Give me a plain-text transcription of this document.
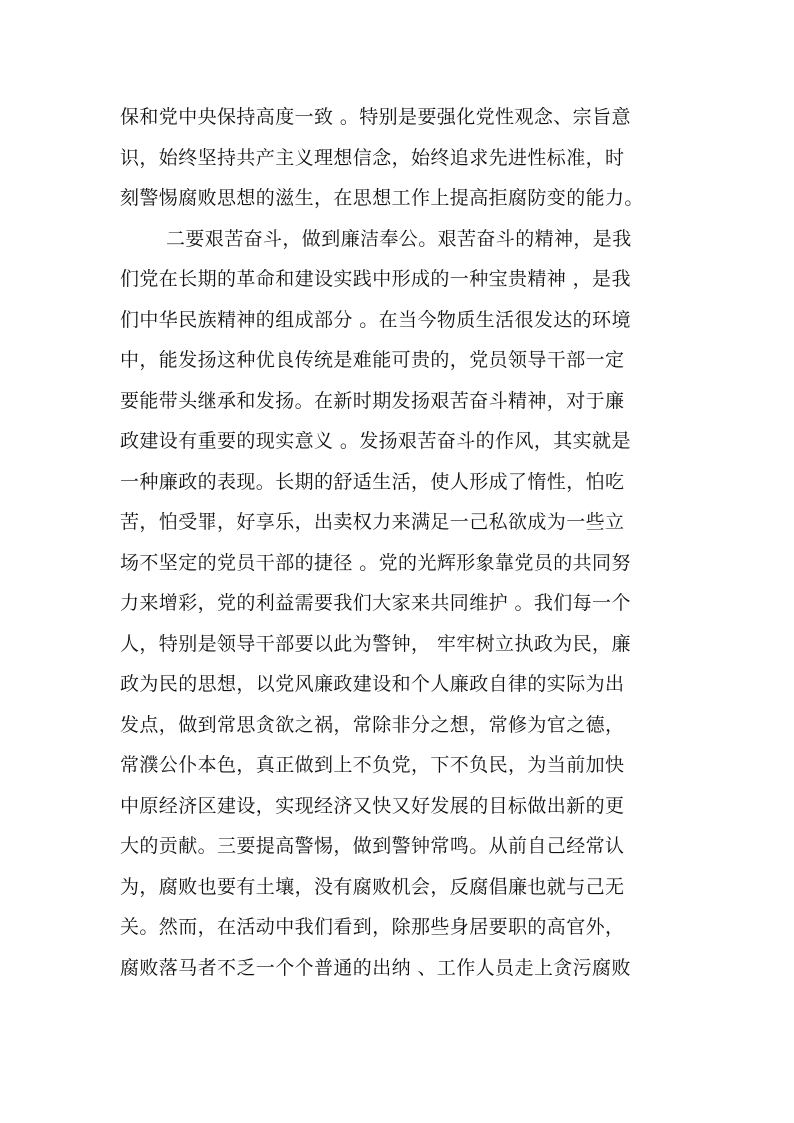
保和党中央保持高度一致 。特别是要强化党性观念、宗旨意
识，始终坚持共产主义理想信念，始终追求先进性标准，时
刻警惕腐败思想的滋生，在思想工作上提高拒腐防变的能力。
二要艰苦奋斗，做到廉洁奉公。艰苦奋斗的精神，是我
们党在长期的革命和建设实践中形成的一种宝贵精神 ，是我
们中华民族精神的组成部分 。在当今物质生活很发达的环境
中，能发扬这种优良传统是难能可贵的，党员领导干部一定
要能带头继承和发扬。在新时期发扬艰苦奋斗精神，对于廉
政建设有重要的现实意义 。发扬艰苦奋斗的作风，其实就是
一种廉政的表现。长期的舒适生活，使人形成了惰性，怕吃
苦，怕受罪，好享乐，出卖权力来满足一己私欲成为一些立
场不坚定的党员干部的捷径 。党的光辉形象靠党员的共同努
力来增彩，党的利益需要我们大家来共同维护 。我们每一个
人，特别是领导干部要以此为警钟， 牢牢树立执政为民，廉
政为民的思想，以党风廉政建设和个人廉政自律的实际为出
发点，做到常思贪欲之祸，常除非分之想，常修为官之德，
常濮公仆本色，真正做到上不负党，下不负民，为当前加快
中原经济区建设，实现经济又快又好发展的目标做出新的更
大的贡献。三要提高警惕，做到警钟常鸣。从前自己经常认
为，腐败也要有土壤，没有腐败机会，反腐倡廉也就与己无
关。然而，在活动中我们看到，除那些身居要职的高官外，
腐败落马者不乏一个个普通的出纳 、工作人员走上贪污腐败
